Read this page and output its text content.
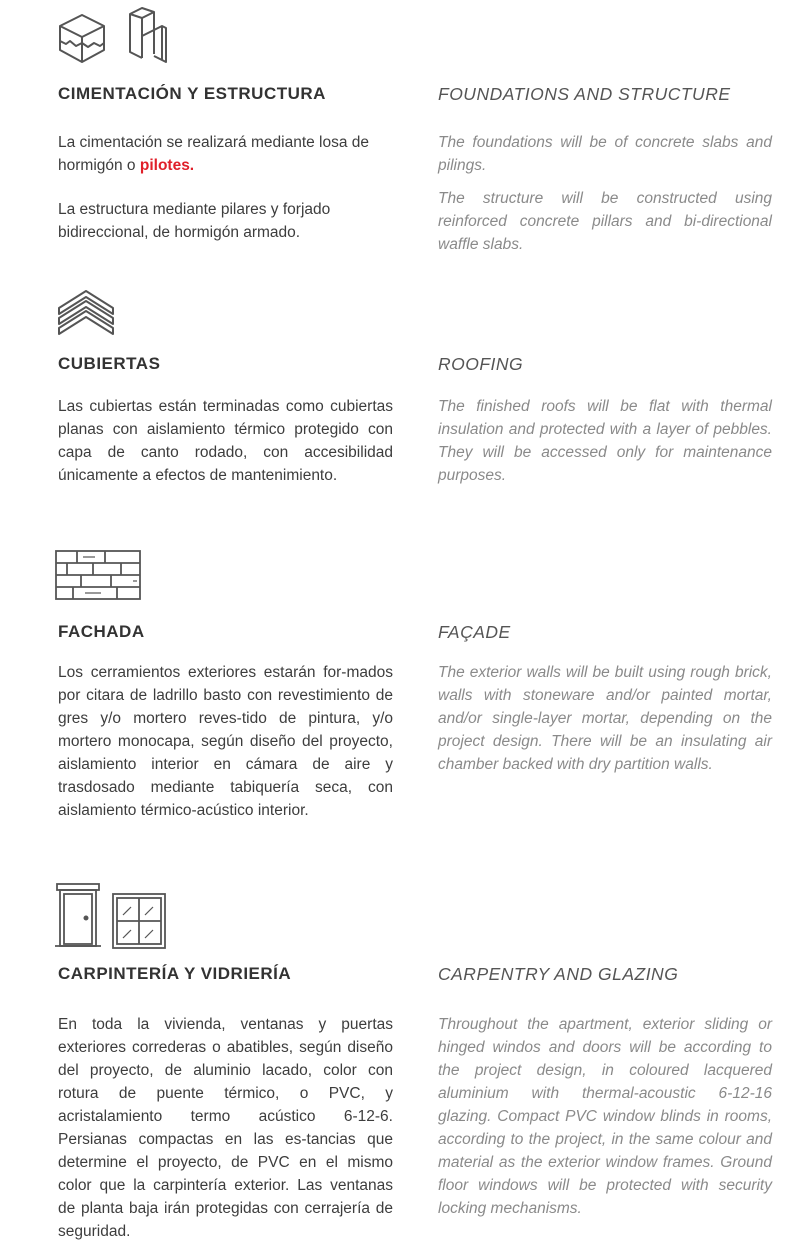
CIMENTACIÓN Y ESTRUCTURA	FOUNDATIONS AND STRUCTURE

La cimentación se realizará mediante losa de hormigón o pilotes.

La estructura mediante pilares y forjado bidireccional, de hormigón armado.

The foundations will be of concrete slabs and pilings.

The structure will be constructed using reinforced concrete pillars and bi-directional waffle slabs.

CUBIERTAS	ROOFING

Las cubiertas están terminadas como cubiertas planas con aislamiento térmico protegido con capa de canto rodado, con accesibilidad únicamente a efectos de mantenimiento.

The finished roofs will be flat with thermal insulation and protected with a layer of pebbles. They will be accessed only for maintenance purposes.

FACHADA	FAÇADE

Los cerramientos exteriores estarán for-mados por citara de ladrillo basto con revestimiento de gres y/o mortero reves-tido de pintura, y/o mortero monocapa, según diseño del proyecto, aislamiento interior en cámara de aire y trasdosado mediante tabiquería seca, con aislamiento térmico-acústico interior.

The exterior walls will be built using rough brick, walls with stoneware and/or painted mortar, and/or single-layer mortar, depending on the project design. There will be an insulating air chamber backed with dry partition walls.

CARPINTERÍA Y VIDRIERÍA	CARPENTRY AND GLAZING

En toda la vivienda, ventanas y puertas exteriores correderas o abatibles, según diseño del proyecto, de aluminio lacado, color con rotura de puente térmico, o PVC, y acristalamiento termo acústico 6-12-6. Persianas compactas en las es-tancias que determine el proyecto, de PVC en el mismo color que la carpintería exterior. Las ventanas de planta baja irán protegidas con cerrajería de seguridad.

Throughout the apartment, exterior sliding or hinged windos and doors will be according to the project design, in coloured lacquered aluminium with thermal-acoustic 6-12-16 glazing. Compact PVC window blinds in rooms, according to the project, in the same colour and material as the exterior window frames. Ground floor windows will be protected with security locking mechanisms.
